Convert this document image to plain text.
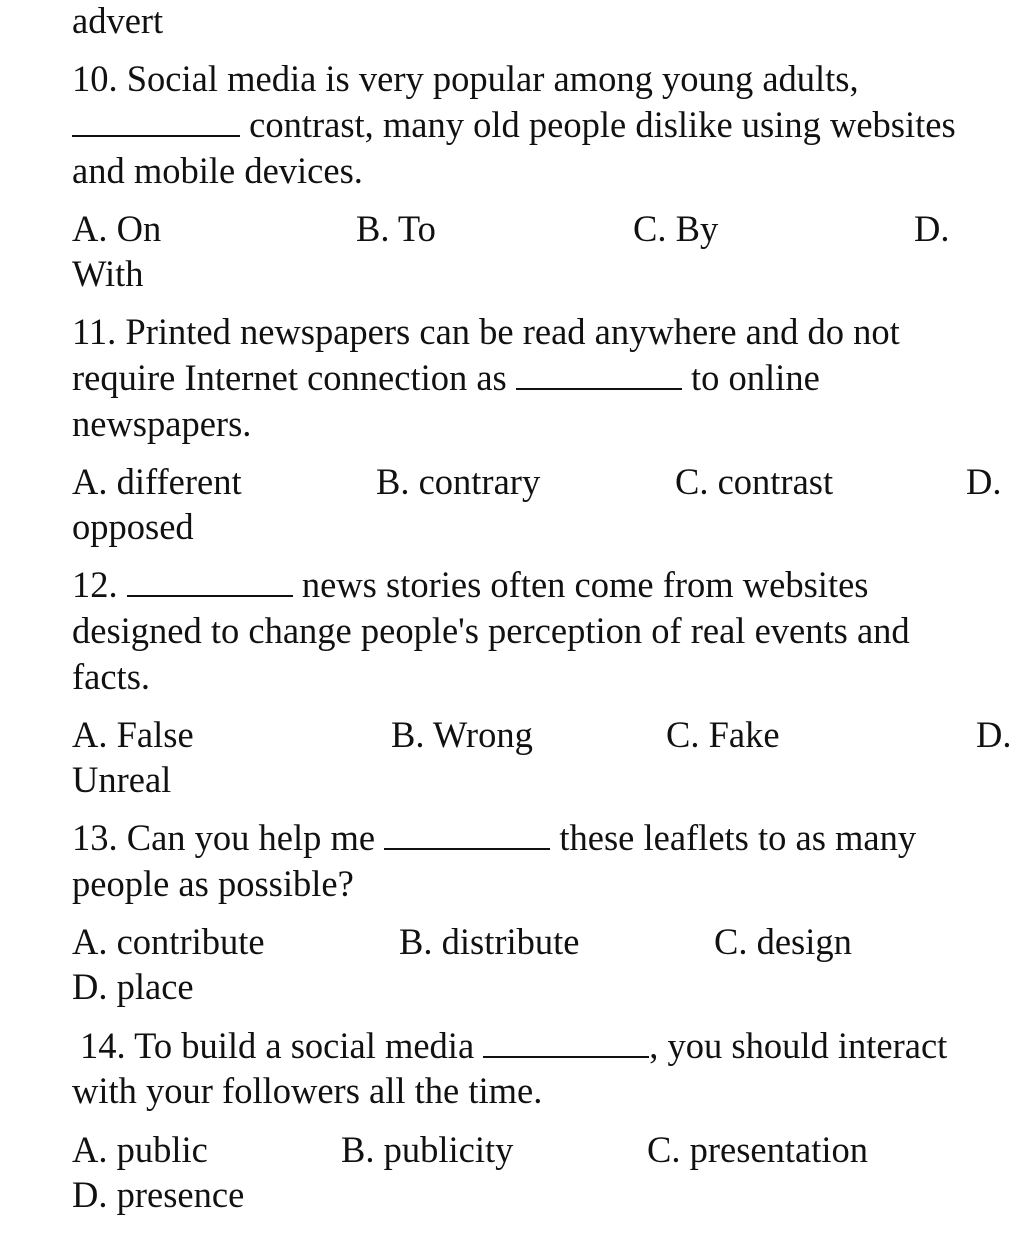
advert
10. Social media is very popular among young adults,
contrast, many old people dislike using websites
and mobile devices.
A. On	B. To	C. By	D.
With
11. Printed newspapers can be read anywhere and do not
require Internet connection as	to online
newspapers.
A. different	B. contrary	C. contrast	D.
opposed
12.	news stories often come from websites
designed to change people's perception of real events and
facts.
A. False	B. Wrong	C. Fake	D.
Unreal
13. Can you help me	these leaflets to as many
people as possible?
A. contribute	B. distribute	C. design
D. place
14. To build a social media	, you should interact
with your followers all the time.
A. public	B. publicity	C. presentation
D. presence
